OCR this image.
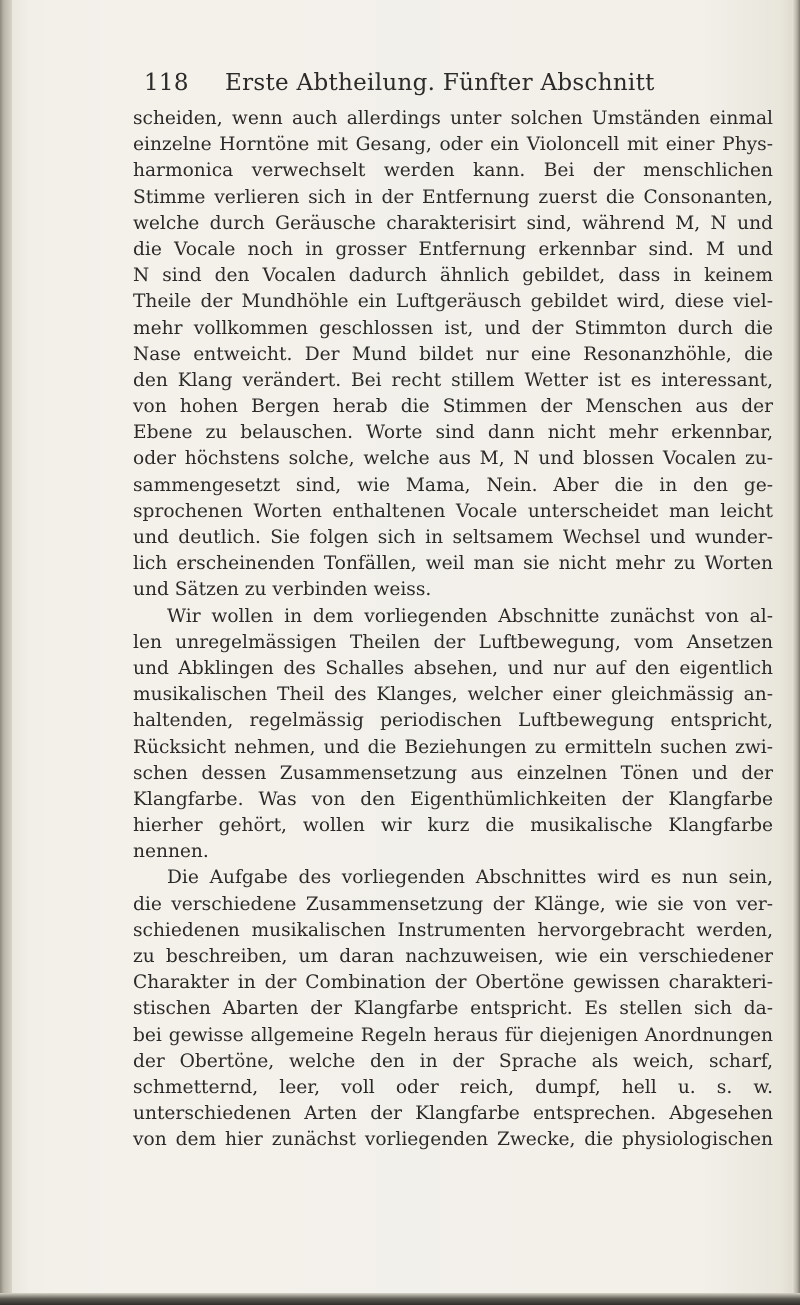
118 Erste Abtheilung. Fünfter Abschnitt
scheiden, wenn auch allerdings unter solchen Umständen einmal
einzelne Horntöne mit Gesang, oder ein Violoncell mit einer Phys-
harmonica verwechselt werden kann. Bei der menschlichen
Stimme verlieren sich in der Entfernung zuerst die Consonanten,
welche durch Geräusche charakterisirt sind, während M, N und
die Vocale noch in grosser Entfernung erkennbar sind. M und
N sind den Vocalen dadurch ähnlich gebildet, dass in keinem
Theile der Mundhöhle ein Luftgeräusch gebildet wird, diese viel-
mehr vollkommen geschlossen ist, und der Stimmton durch die
Nase entweicht. Der Mund bildet nur eine Resonanzhöhle, die
den Klang verändert. Bei recht stillem Wetter ist es interessant,
von hohen Bergen herab die Stimmen der Menschen aus der
Ebene zu belauschen. Worte sind dann nicht mehr erkennbar,
oder höchstens solche, welche aus M, N und blossen Vocalen zu-
sammengesetzt sind, wie Mama, Nein. Aber die in den ge-
sprochenen Worten enthaltenen Vocale unterscheidet man leicht
und deutlich. Sie folgen sich in seltsamem Wechsel und wunder-
lich erscheinenden Tonfällen, weil man sie nicht mehr zu Worten
und Sätzen zu verbinden weiss.
Wir wollen in dem vorliegenden Abschnitte zunächst von al-
len unregelmässigen Theilen der Luftbewegung, vom Ansetzen
und Abklingen des Schalles absehen, und nur auf den eigentlich
musikalischen Theil des Klanges, welcher einer gleichmässig an-
haltenden, regelmässig periodischen Luftbewegung entspricht,
Rücksicht nehmen, und die Beziehungen zu ermitteln suchen zwi-
schen dessen Zusammensetzung aus einzelnen Tönen und der
Klangfarbe. Was von den Eigenthümlichkeiten der Klangfarbe
hierher gehört, wollen wir kurz die musikalische Klangfarbe
nennen.
Die Aufgabe des vorliegenden Abschnittes wird es nun sein,
die verschiedene Zusammensetzung der Klänge, wie sie von ver-
schiedenen musikalischen Instrumenten hervorgebracht werden,
zu beschreiben, um daran nachzuweisen, wie ein verschiedener
Charakter in der Combination der Obertöne gewissen charakteri-
stischen Abarten der Klangfarbe entspricht. Es stellen sich da-
bei gewisse allgemeine Regeln heraus für diejenigen Anordnungen
der Obertöne, welche den in der Sprache als weich, scharf,
schmetternd, leer, voll oder reich, dumpf, hell u. s. w.
unterschiedenen Arten der Klangfarbe entsprechen. Abgesehen
von dem hier zunächst vorliegenden Zwecke, die physiologischen
